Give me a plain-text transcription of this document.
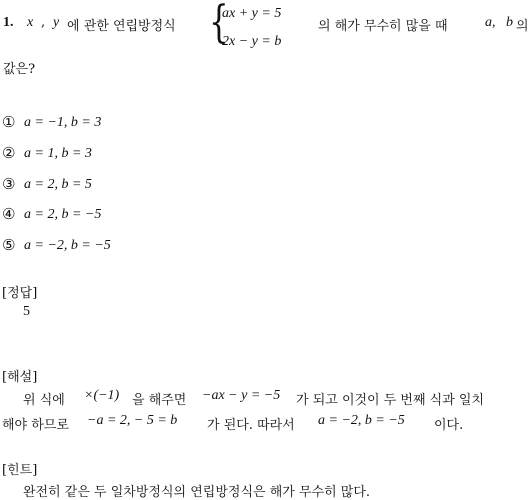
1. x , y 에 관한 연립방정식 {
ax + y = 5
2x − y = b
의 해가 무수히 많을 때	a, b 의
값은?
① a = −1, b = 3
② a = 1, b = 3
③ a = 2, b = 5
④ a = 2, b = −5
⑤ a = −2, b = −5
[정답]
5
[해설]
위 식에 ×(−1) 을 해주면 −ax − y = −5 가 되고 이것이 두 번째 식과 일치
해야 하므로 −a = 2, − 5 = b 가 된다. 따라서 a = −2, b = −5 이다.
[힌트]
완전히 같은 두 일차방정식의 연립방정식은 해가 무수히 많다.
